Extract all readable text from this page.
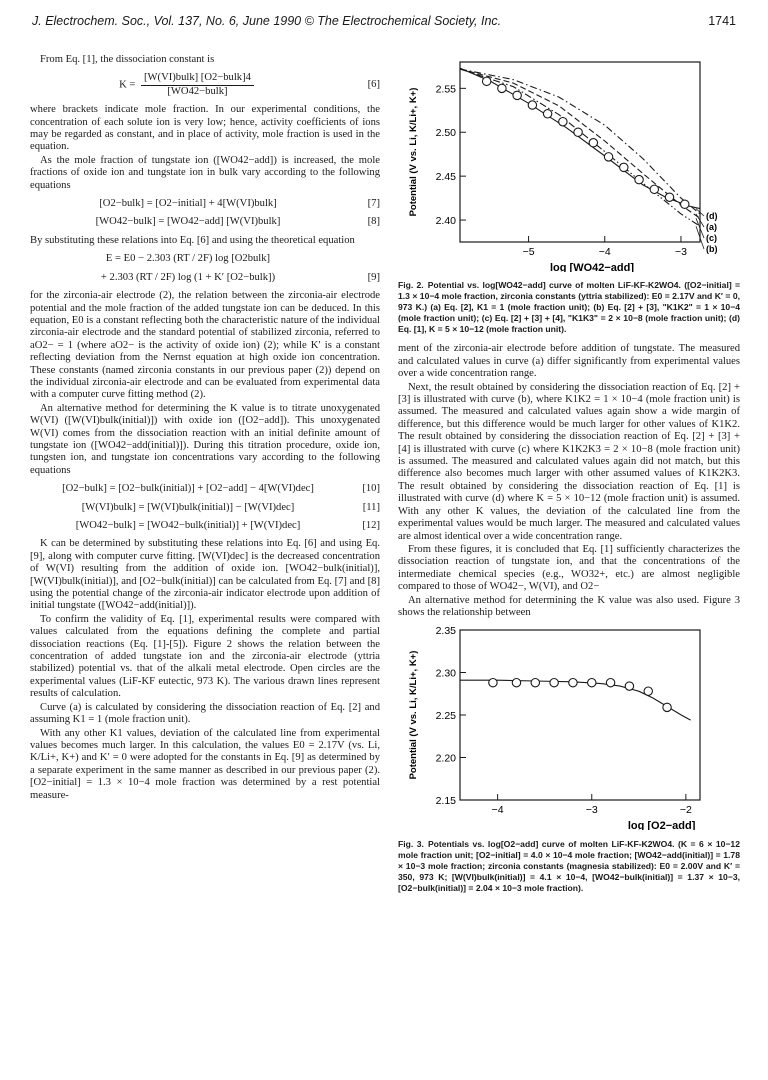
J. Electrochem. Soc., Vol. 137, No. 6, June 1990 © The Electrochemical Society, Inc.	1741

From Eq. [1], the dissociation constant is

$K = \frac{\text{[W(VI)bulk] [O2−bulk]4}}{\text{[WO42−bulk]}}$	[6]

where brackets indicate mole fraction. In our experimental conditions, the concentration of each solute ion is very low; hence, activity coefficients of ions may be regarded as constant, and in place of activity, mole fraction is used in the equation.

As the mole fraction of tungstate ion ([WO42−add]) is increased, the mole fractions of oxide ion and tungstate ion in bulk vary according to the following equations

[O2−bulk] = [O2−initial] + 4[W(VI)bulk]	[7]
[WO42−bulk] = [WO42−add] [W(VI)bulk]	[8]

By substituting these relations into Eq. [6] and using the theoretical equation

E = E0 − 2.303 (RT / 2F) log [O2bulk]
+ 2.303 (RT / 2F) log (1 + K′ [O2−bulk])	[9]

for the zirconia-air electrode (2), the relation between the zirconia-air electrode potential and the mole fraction of the added tungstate ion can be deduced. In this equation, E0 is a constant reflecting both the characteristic nature of the individual zirconia-air electrode and the standard potential of stabilized zirconia, referred to aO2− = 1 (where aO2− is the activity of oxide ion) (2); while K′ is a constant reflecting deviation from the Nernst equation at high oxide ion concentration. These constants (named zirconia constants in our previous paper (2)) depend on the individual zirconia-air electrode and can be evaluated from experimental data with a computer curve fitting method (2).

An alternative method for determining the K value is to titrate unoxygenated W(VI) ([W(VI)bulk(initial)]) with oxide ion ([O2−add]). This unoxygenated W(VI) comes from the dissociation reaction with an initial definite amount of tungstate ion ([WO42−add(initial)]). During this titration procedure, oxide ion, tungsten ion, and tungstate ion concentrations vary according to the following equations

[O2−bulk] = [O2−bulk(initial)] + [O2−add] − 4[W(VI)dec]	[10]
[W(VI)bulk] = [W(VI)bulk(initial)] − [W(VI)dec]	[11]
[WO42−bulk] = [WO42−bulk(initial)] + [W(VI)dec]	[12]

K can be determined by substituting these relations into Eq. [6] and using Eq. [9], along with computer curve fitting. [W(VI)dec] is the decreased concentration of W(VI) resulting from the addition of oxide ion. [WO42−bulk(initial)], [W(VI)bulk(initial)], and [O2−bulk(initial)] can be calculated from Eq. [7] and [8] using the potential change of the zirconia-air indicator electrode upon addition of initial tungstate ([WO42−add(initial)]).

To confirm the validity of Eq. [1], experimental results were compared with values calculated from the equations defining the complete and partial dissociation reactions (Eq. [1]-[5]). Figure 2 shows the relation between the concentration of added tungstate ion and the zirconia-air electrode (yttria stabilized) potential vs. that of the alkali metal electrode. Open circles are the experimental values (LiF-KF eutectic, 973 K). The various drawn lines represent results of calculation.

Curve (a) is calculated by considering the dissociation reaction of Eq. [2] and assuming K1 = 1 (mole fraction unit).

With any other K1 values, deviation of the calculated line from experimental values becomes much larger. In this calculation, the values E0 = 2.17V (vs. Li, K/Li+, K+) and K′ = 0 were adopted for the constants in Eq. [9] as determined by a separate experiment in the same manner as described in our previous paper (2). [O2−initial] = 1.3 × 10−4 mole fraction was determined by a rest potential measure-

2.40
2.45
2.50
2.55
−5	−4	−3
Potential (V vs. Li, K/Li+, K+)
log [WO42−add]
(d)
(a)
(c)
(b)

Fig. 2. Potential vs. log[WO42−add] curve of molten LiF-KF-K2WO4. ([O2−initial] = 1.3 × 10−4 mole fraction, zirconia constants (yttria stabilized): E0 = 2.17V and K′ = 0, 973 K.) (a) Eq. [2], K1 = 1 (mole fraction unit); (b) Eq. [2] + [3], "K1K2" = 1 × 10−4 (mole fraction unit); (c) Eq. [2] + [3] + [4], "K1K3" = 2 × 10−8 (mole fraction unit); (d) Eq. [1], K = 5 × 10−12 (mole fraction unit).

ment of the zirconia-air electrode before addition of tungstate. The measured and calculated values in curve (a) differ significantly from experimental values over a wide concentration range.

Next, the result obtained by considering the dissociation reaction of Eq. [2] + [3] is illustrated with curve (b), where K1K2 = 1 × 10−4 (mole fraction unit) is assumed. The measured and calculated values again show a wide margin of difference, but this difference would be much larger for other values of K1K2. The result obtained by considering the dissociation reaction of Eq. [2] + [3] + [4] is illustrated with curve (c) where K1K2K3 = 2 × 10−8 (mole fraction unit) is assumed. The measured and calculated values again did not match, but this difference also becomes much larger with other assumed values of K1K2K3. The result obtained by considering the dissociation reaction of Eq. [1] is illustrated with curve (d) where K = 5 × 10−12 (mole fraction unit) is assumed. With any other K values, the deviation of the calculated line from the experimental values would be much larger. The measured and calculated values are almost identical over a wide concentration range.

From these figures, it is concluded that Eq. [1] sufficiently characterizes the dissociation reaction of tungstate ion, and that the concentrations of the intermediate chemical species (e.g., WO32+, etc.) are almost negligible compared to those of WO42−, W(VI), and O2−

An alternative method for determining the K value was also used. Figure 3 shows the relationship between

2.15
2.20
2.25
2.30
2.35
−4	−3	−2
Potential (V vs. Li, K/Li+, K+)
log [O2−add]

Fig. 3. Potentials vs. log[O2−add] curve of molten LiF-KF-K2WO4. (K = 6 × 10−12 mole fraction unit; [O2−initial] = 4.0 × 10−4 mole fraction; [WO42−add(initial)] = 1.78 × 10−3 mole fraction; zirconia constants (magnesia stabilized): E0 = 2.00V and K′ = 350, 973 K; [W(VI)bulk(initial)] = 4.1 × 10−4, [WO42−bulk(initial)] = 1.37 × 10−3, [O2−bulk(initial)] = 2.04 × 10−3 mole fraction).
